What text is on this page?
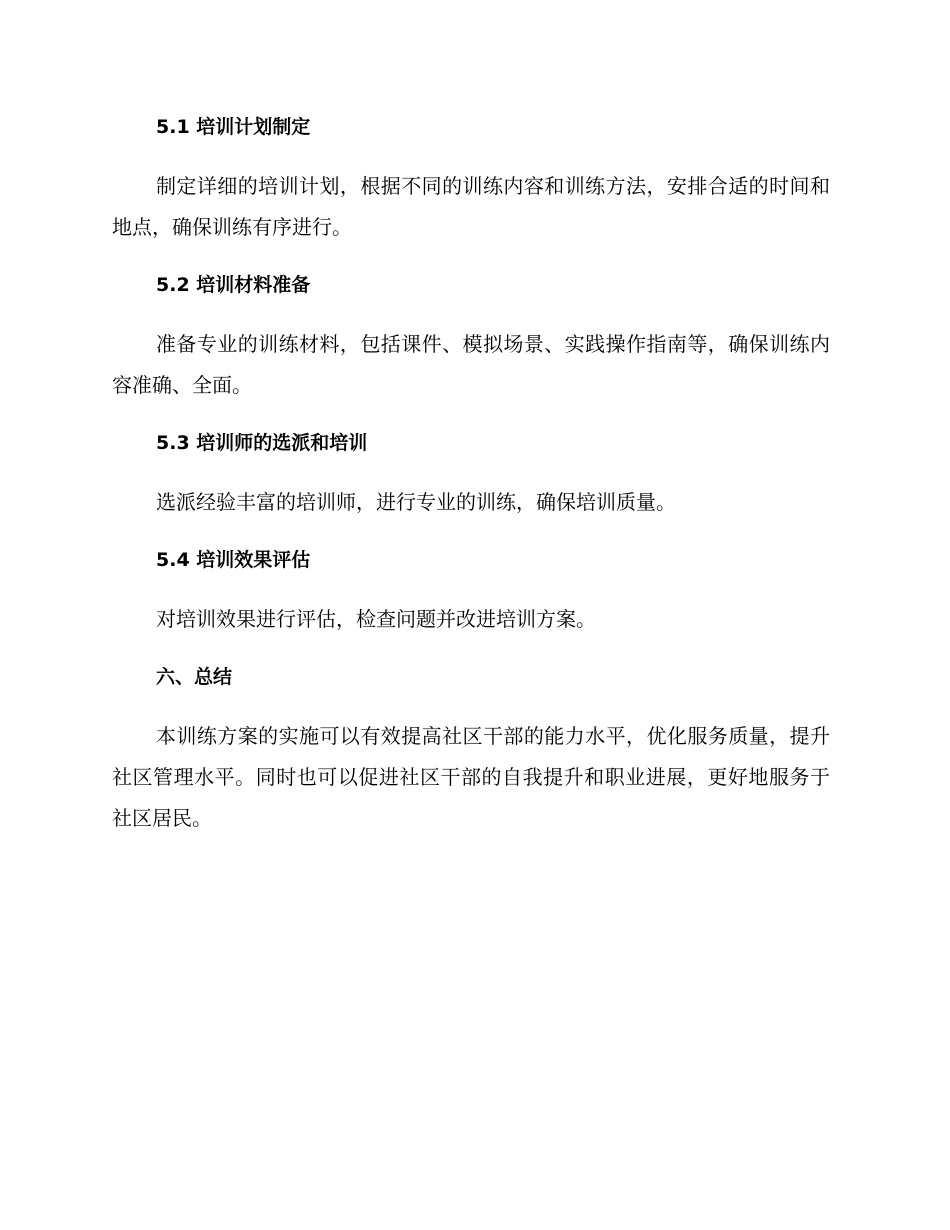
5.1 培训计划制定

制定详细的培训计划，根据不同的训练内容和训练方法，安排合适的时间和地点，确保训练有序进行。

5.2 培训材料准备

准备专业的训练材料，包括课件、模拟场景、实践操作指南等，确保训练内容准确、全面。

5.3 培训师的选派和培训

选派经验丰富的培训师，进行专业的训练，确保培训质量。

5.4 培训效果评估

对培训效果进行评估，检查问题并改进培训方案。

六、总结

本训练方案的实施可以有效提高社区干部的能力水平，优化服务质量，提升社区管理水平。同时也可以促进社区干部的自我提升和职业进展，更好地服务于社区居民。
